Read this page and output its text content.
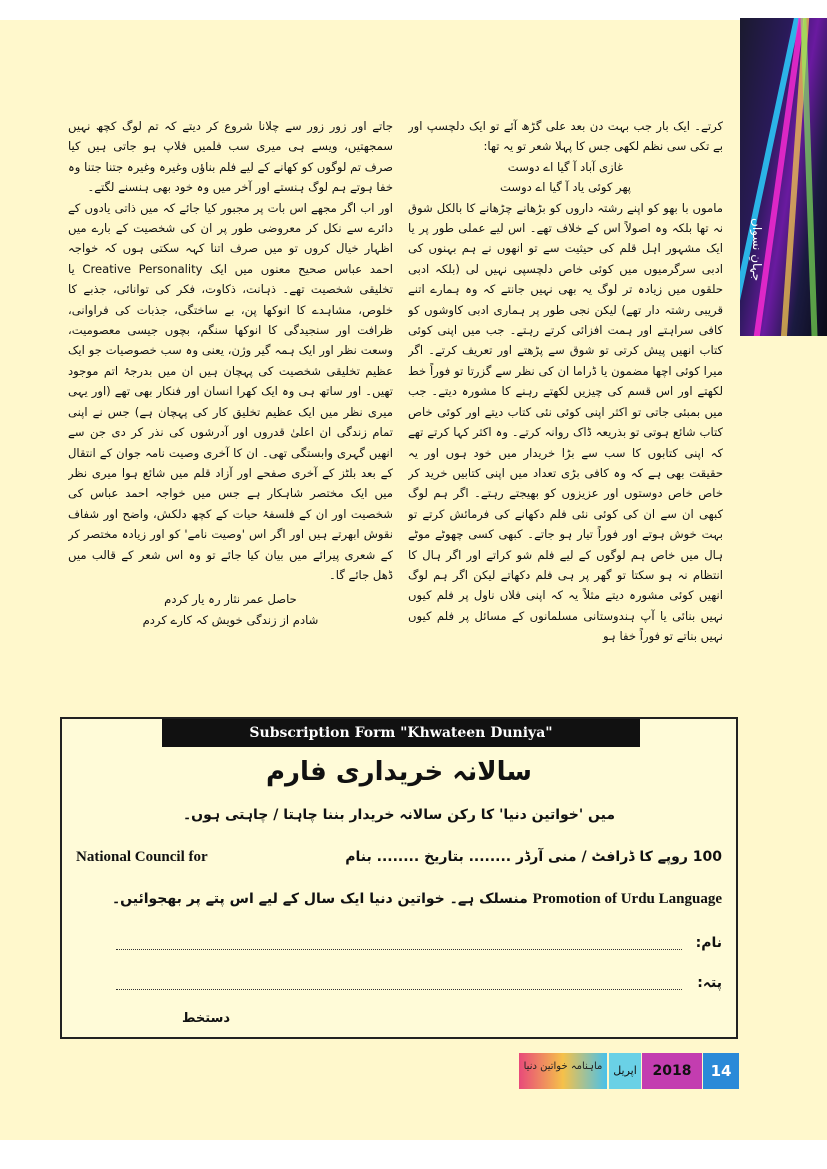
جہانِ نسواں

کرتے۔ ایک بار جب بہت دن بعد علی گڑھ آئے تو ایک دلچسپ اور بے تکی سی نظم لکھی جس کا پہلا شعر تو یہ تھا:

غازی آباد آ گیا اے دوست

پھر کوئی یاد آ گیا اے دوست

ماموں با بھو کو اپنے رشتہ داروں کو بڑھانے چڑھانے کا بالکل شوق نہ تھا بلکہ وہ اصولاً اس کے خلاف تھے۔ اس لیے عملی طور پر یا ایک مشہور اہل قلم کی حیثیت سے تو انھوں نے ہم بہنوں کی ادبی سرگرمیوں میں کوئی خاص دلچسپی نہیں لی (بلکہ ادبی حلقوں میں زیادہ تر لوگ یہ بھی نہیں جانتے کہ وہ ہمارے اتنے قریبی رشتہ دار تھے) لیکن نجی طور پر ہماری ادبی کاوشوں کو کافی سراہتے اور ہمت افزائی کرتے رہتے۔ جب میں اپنی کوئی کتاب انھیں پیش کرتی تو شوق سے پڑھتے اور تعریف کرتے۔ اگر میرا کوئی اچھا مضمون یا ڈراما ان کی نظر سے گزرتا تو فوراً خط لکھتے اور اس قسم کی چیزیں لکھتے رہنے کا مشورہ دیتے۔ جب میں بمبئی جاتی تو اکثر اپنی کوئی نئی کتاب دیتے اور کوئی خاص کتاب شائع ہوتی تو بذریعہ ڈاک روانہ کرتے۔ وہ اکثر کہا کرتے تھے کہ اپنی کتابوں کا سب سے بڑا خریدار میں خود ہوں اور یہ حقیقت بھی ہے کہ وہ کافی بڑی تعداد میں اپنی کتابیں خرید کر خاص خاص دوستوں اور عزیزوں کو بھیجتے رہتے۔ اگر ہم لوگ کبھی ان سے ان کی کوئی نئی فلم دکھانے کی فرمائش کرتے تو بہت خوش ہوتے اور فوراً تیار ہو جاتے۔ کبھی کسی چھوٹے موٹے ہال میں خاص ہم لوگوں کے لیے فلم شو کراتے اور اگر ہال کا انتظام نہ ہو سکتا تو گھر پر ہی فلم دکھاتے لیکن اگر ہم لوگ انھیں کوئی مشورہ دیتے مثلاً یہ کہ اپنی فلاں ناول پر فلم کیوں نہیں بنائی یا آپ ہندوستانی مسلمانوں کے مسائل پر فلم کیوں نہیں بناتے تو فوراً خفا ہو

جاتے اور زور زور سے چلانا شروع کر دیتے کہ تم لوگ کچھ نہیں سمجھتیں، ویسے ہی میری سب فلمیں فلاپ ہو جاتی ہیں کیا صرف تم لوگوں کو کھانے کے لیے فلم بناؤں وغیرہ وغیرہ جتنا جتنا وہ خفا ہوتے ہم لوگ ہنستے اور آخر میں وہ خود بھی ہنسنے لگتے۔

اور اب اگر مجھے اس بات پر مجبور کیا جائے کہ میں ذاتی یادوں کے دائرے سے نکل کر معروضی طور پر ان کی شخصیت کے بارے میں اظہار خیال کروں تو میں صرف اتنا کہہ سکتی ہوں کہ خواجہ احمد عباس صحیح معنوں میں ایک Creative Personality یا تخلیقی شخصیت تھے۔ ذہانت، ذکاوت، فکر کی توانائی، جذبے کا خلوص، مشاہدے کا انوکھا پن، بے ساختگی، جذبات کی فراوانی، ظرافت اور سنجیدگی کا انوکھا سنگم، بچوں جیسی معصومیت، وسعت نظر اور ایک ہمہ گیر وژن، یعنی وہ سب خصوصیات جو ایک عظیم تخلیقی شخصیت کی پہچان ہیں ان میں بدرجۂ اتم موجود تھیں۔ اور ساتھ ہی وہ ایک کھرا انسان اور فنکار بھی تھے (اور یہی میری نظر میں ایک عظیم تخلیق کار کی پہچان ہے) جس نے اپنی تمام زندگی ان اعلیٰ قدروں اور آدرشوں کی نذر کر دی جن سے انھیں گہری وابستگی تھی۔ ان کا آخری وصیت نامہ جوان کے انتقال کے بعد بلٹز کے آخری صفحے اور آزاد قلم میں شائع ہوا میری نظر میں ایک مختصر شاہکار ہے جس میں خواجہ احمد عباس کی شخصیت اور ان کے فلسفۂ حیات کے کچھ دلکش، واضح اور شفاف نقوش ابھرتے ہیں اور اگر اس 'وصیت نامے' کو اور زیادہ مختصر کر کے شعری پیرائے میں بیان کیا جائے تو وہ اس شعر کے قالب میں ڈھل جائے گا۔

حاصل عمر نثار رہ یار کردم
شادم از زندگی خویش کہ کارے کردم
Subscription Form "Khwateen Duniya"
سالانہ خریداری فارم
میں 'خواتین دنیا' کا رکن سالانہ خریدار بننا چاہتا / چاہتی ہوں۔
National Council for	100 روپے کا ڈرافٹ / منی آرڈر ........ بتاریخ ........ بنام
Promotion of Urdu Language منسلک ہے۔ خواتین دنیا ایک سال کے لیے اس پتے پر بھجوائیں۔
نام:
پتہ:
دستخط
ماہنامہ خواتین دنیا اپریل	2018	14
